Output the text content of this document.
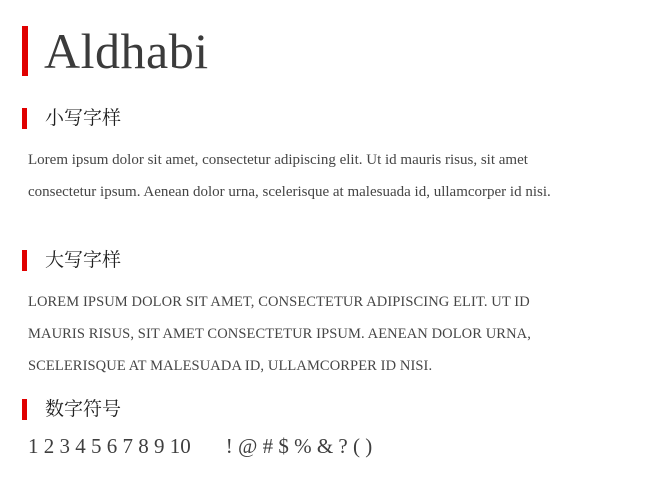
Aldhabi
小写字样
Lorem ipsum dolor sit amet, consectetur adipiscing elit. Ut id mauris risus, sit amet
consectetur ipsum. Aenean dolor urna, scelerisque at malesuada id, ullamcorper id nisi.
大写字样
LOREM IPSUM DOLOR SIT AMET, CONSECTETUR ADIPISCING ELIT. UT ID
MAURIS RISUS, SIT AMET CONSECTETUR IPSUM. AENEAN DOLOR URNA,
SCELERISQUE AT MALESUADA ID, ULLAMCORPER ID NISI.
数字符号
1 2 3 4 5 6 7 8 9 10 ! @ # $ % & ? ( )
